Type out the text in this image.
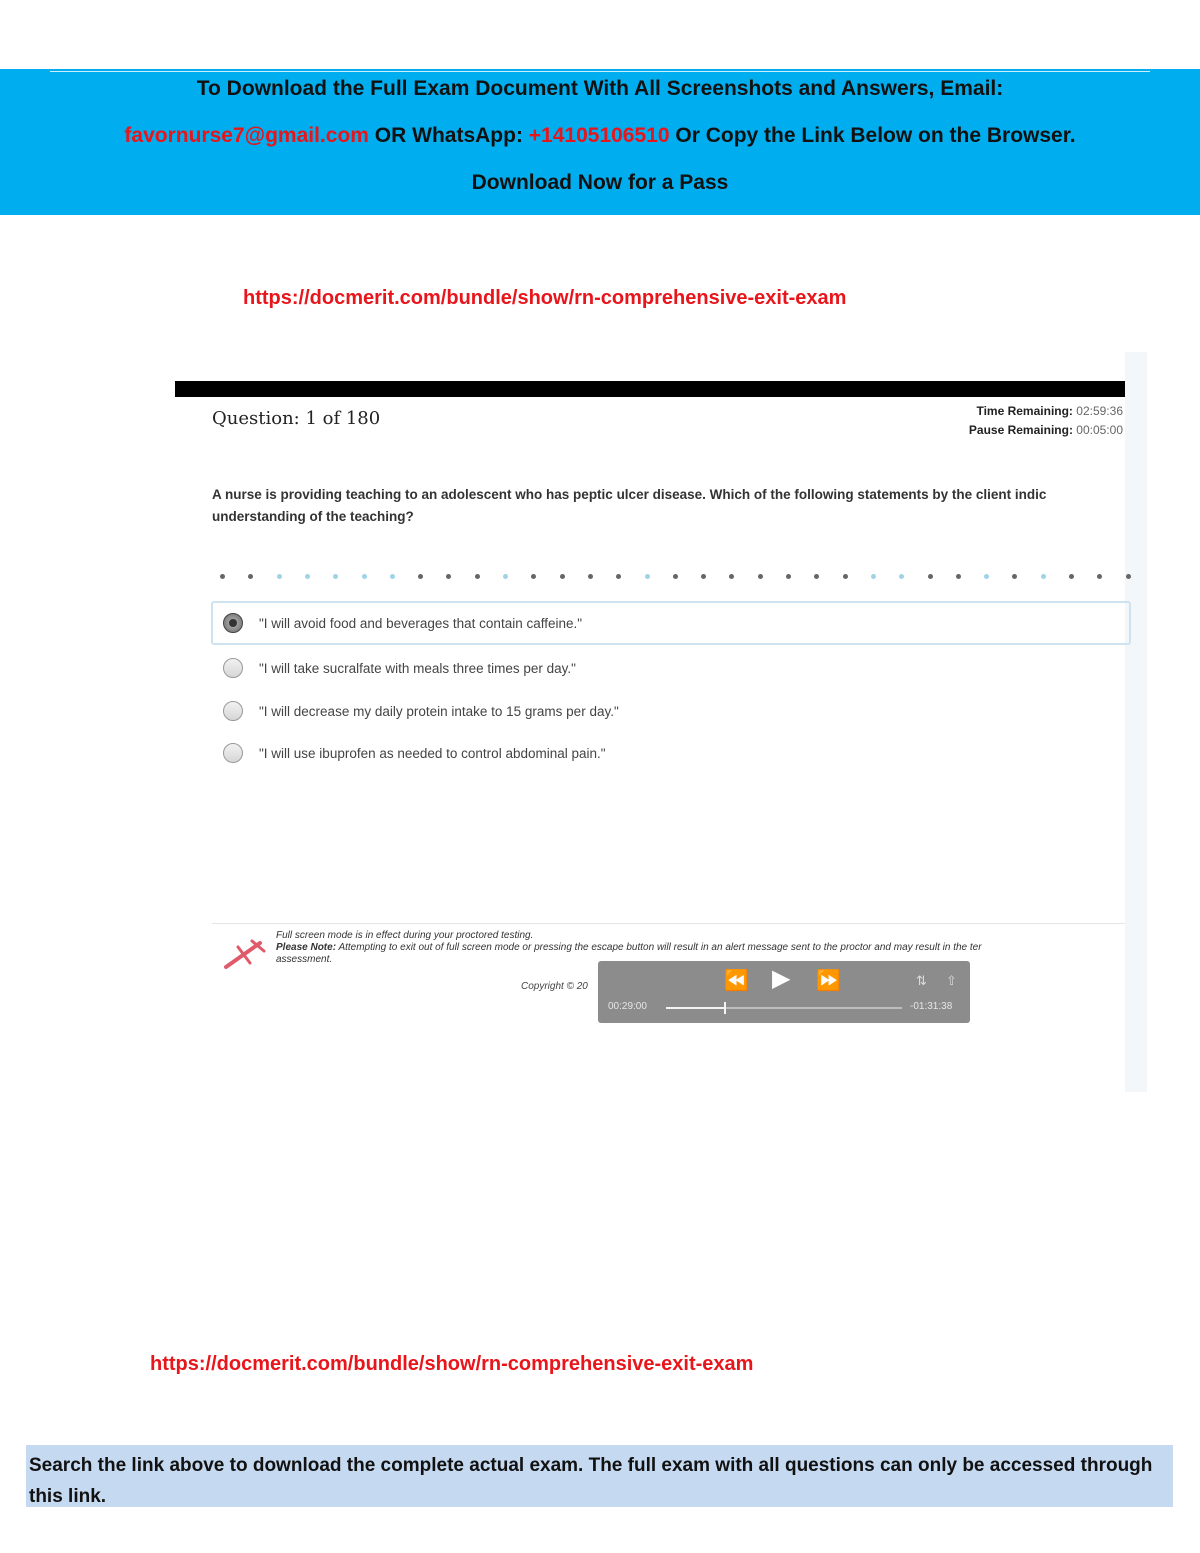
To Download the Full Exam Document With All Screenshots and Answers, Email:
favornurse7@gmail.com OR WhatsApp: +14105106510 Or Copy the Link Below on the Browser.
Download Now for a Pass
https://docmerit.com/bundle/show/rn-comprehensive-exit-exam
Question: 1 of 180	Time Remaining: 02:59:36
Pause Remaining: 00:05:00
A nurse is providing teaching to an adolescent who has peptic ulcer disease. Which of the following statements by the client indic
understanding of the teaching?
"I will avoid food and beverages that contain caffeine."
"I will take sucralfate with meals three times per day."
"I will decrease my daily protein intake to 15 grams per day."
"I will use ibuprofen as needed to control abdominal pain."
Full screen mode is in effect during your proctored testing.
Please Note: Attempting to exit out of full screen mode or pressing the escape button will result in an alert message sent to the proctor and may result in the ter
assessment.
Copyright © 20	⏪ ▶ ⏩	⇅ ⇧
00:29:00	-01:31:38
https://docmerit.com/bundle/show/rn-comprehensive-exit-exam
Search the link above to download the complete actual exam. The full exam with all questions can only be accessed through this link.
